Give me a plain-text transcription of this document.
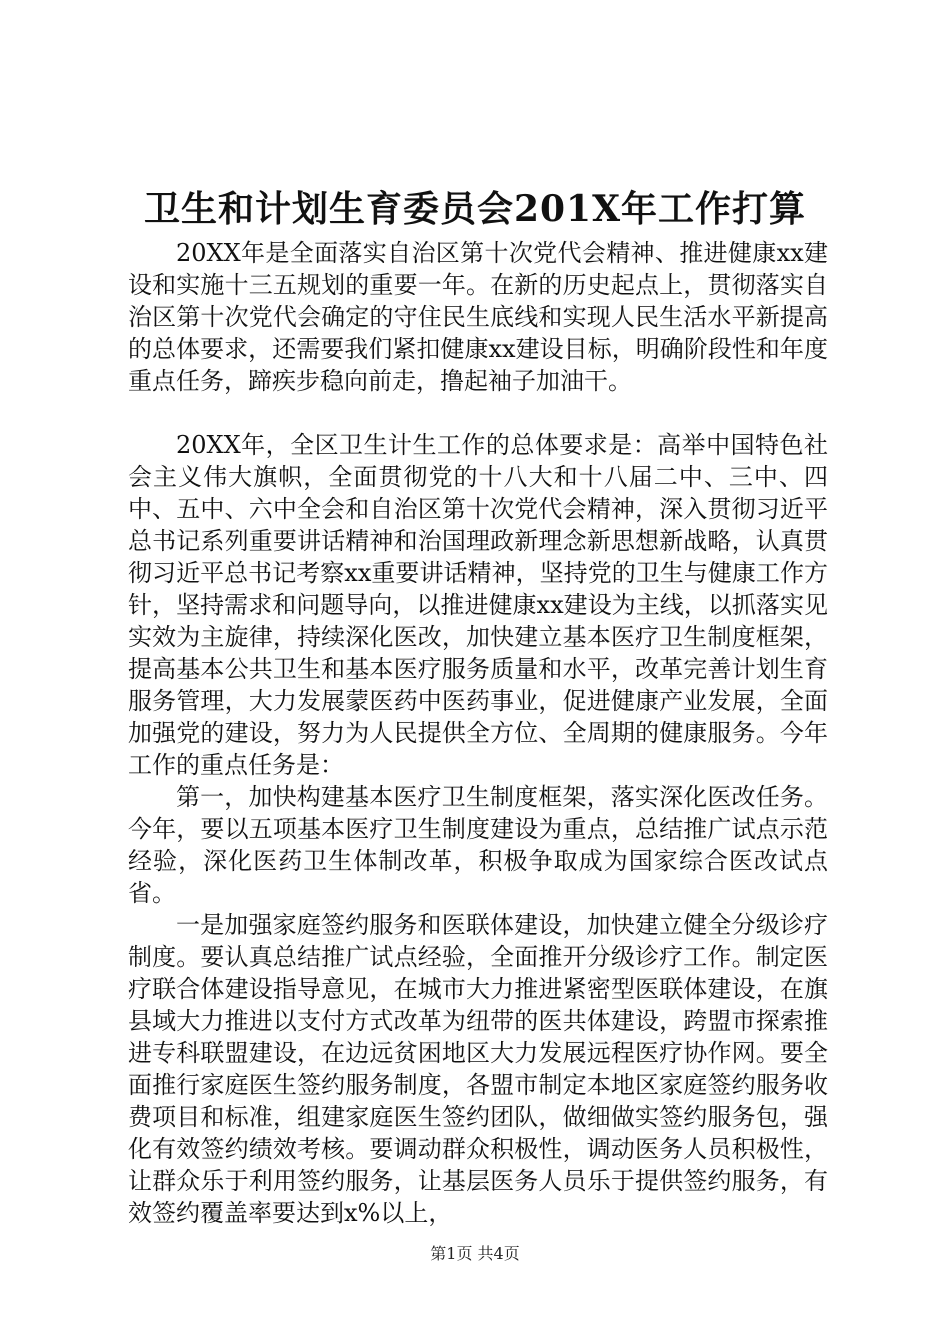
卫生和计划生育委员会201X年工作打算

20XX年是全面落实自治区第十次党代会精神、推进健康xx建设和实施十三五规划的重要一年。在新的历史起点上，贯彻落实自治区第十次党代会确定的守住民生底线和实现人民生活水平新提高的总体要求，还需要我们紧扣健康xx建设目标，明确阶段性和年度重点任务，蹄疾步稳向前走，撸起袖子加油干。

20XX年，全区卫生计生工作的总体要求是：高举中国特色社会主义伟大旗帜，全面贯彻党的十八大和十八届二中、三中、四中、五中、六中全会和自治区第十次党代会精神，深入贯彻习近平总书记系列重要讲话精神和治国理政新理念新思想新战略，认真贯彻习近平总书记考察xx重要讲话精神，坚持党的卫生与健康工作方针，坚持需求和问题导向，以推进健康xx建设为主线，以抓落实见实效为主旋律，持续深化医改，加快建立基本医疗卫生制度框架，提高基本公共卫生和基本医疗服务质量和水平，改革完善计划生育服务管理，大力发展蒙医药中医药事业，促进健康产业发展，全面加强党的建设，努力为人民提供全方位、全周期的健康服务。今年工作的重点任务是：

第一，加快构建基本医疗卫生制度框架，落实深化医改任务。今年，要以五项基本医疗卫生制度建设为重点，总结推广试点示范经验，深化医药卫生体制改革，积极争取成为国家综合医改试点省。

一是加强家庭签约服务和医联体建设，加快建立健全分级诊疗制度。要认真总结推广试点经验，全面推开分级诊疗工作。制定医疗联合体建设指导意见，在城市大力推进紧密型医联体建设，在旗县域大力推进以支付方式改革为纽带的医共体建设，跨盟市探索推进专科联盟建设，在边远贫困地区大力发展远程医疗协作网。要全面推行家庭医生签约服务制度，各盟市制定本地区家庭签约服务收费项目和标准，组建家庭医生签约团队，做细做实签约服务包，强化有效签约绩效考核。要调动群众积极性，调动医务人员积极性，让群众乐于利用签约服务，让基层医务人员乐于提供签约服务，有效签约覆盖率要达到x%以上，

第1页 共4页
